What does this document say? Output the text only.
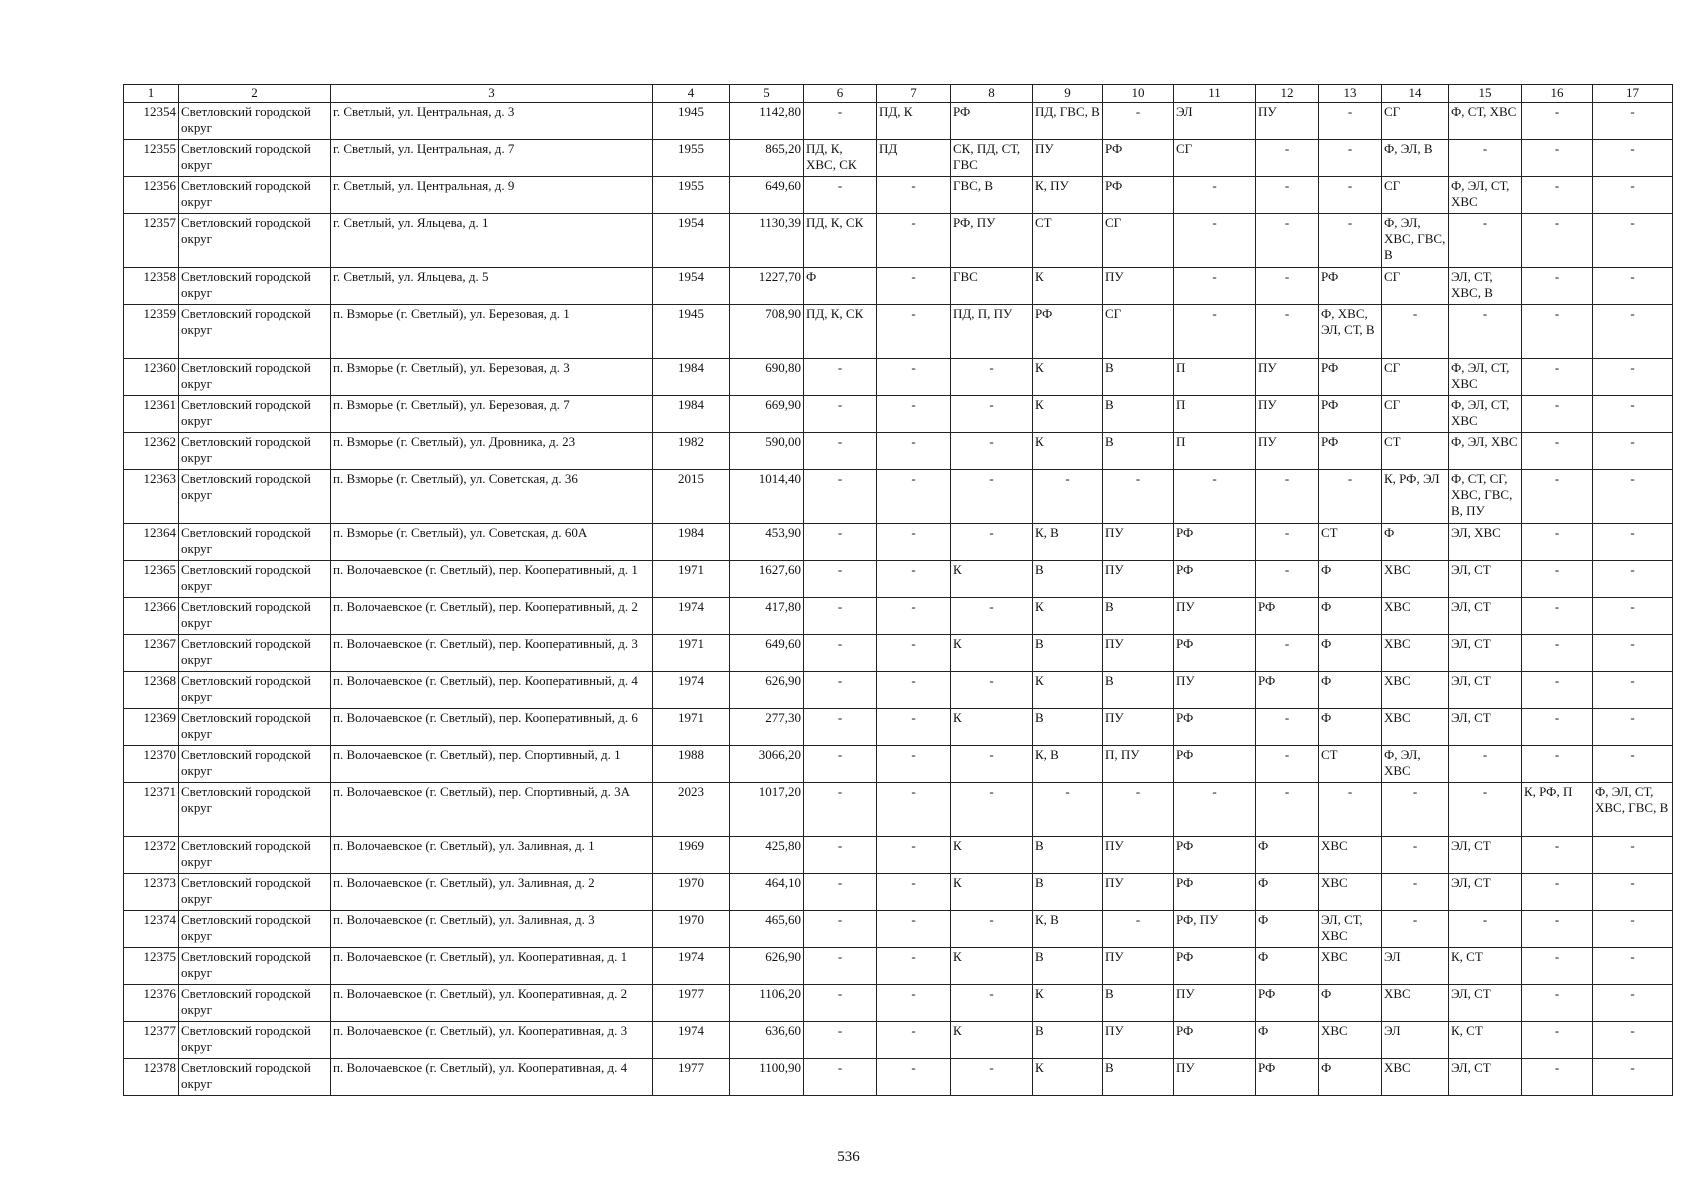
1	2	3	4	5	6	7	8	9	10	11	12	13	14	15	16	17
12354	Светловский городской округ	г. Светлый, ул. Центральная, д. 3	1945	1142,80	-	ПД, К	РФ	ПД, ГВС, В	-	ЭЛ	ПУ	-	СГ	Ф, СТ, ХВС	-	-
12355	Светловский городской округ	г. Светлый, ул. Центральная, д. 7	1955	865,20	ПД, К, ХВС, СК	ПД	СК, ПД, СТ, ГВС	ПУ	РФ	СГ	-	-	Ф, ЭЛ, В	-	-	-
12356	Светловский городской округ	г. Светлый, ул. Центральная, д. 9	1955	649,60	-	-	ГВС, В	К, ПУ	РФ	-	-	-	СГ	Ф, ЭЛ, СТ, ХВС	-	-
12357	Светловский городской округ	г. Светлый, ул. Яльцева, д. 1	1954	1130,39	ПД, К, СК	-	РФ, ПУ	СТ	СГ	-	-	-	Ф, ЭЛ, ХВС, ГВС, В	-	-	-
12358	Светловский городской округ	г. Светлый, ул. Яльцева, д. 5	1954	1227,70	Ф	-	ГВС	К	ПУ	-	-	РФ	СГ	ЭЛ, СТ, ХВС, В	-	-
12359	Светловский городской округ	п. Взморье (г. Светлый), ул. Березовая, д. 1	1945	708,90	ПД, К, СК	-	ПД, П, ПУ	РФ	СГ	-	-	Ф, ХВС, ЭЛ, СТ, В	-	-	-	-
12360	Светловский городской округ	п. Взморье (г. Светлый), ул. Березовая, д. 3	1984	690,80	-	-	-	К	В	П	ПУ	РФ	СГ	Ф, ЭЛ, СТ, ХВС	-	-
12361	Светловский городской округ	п. Взморье (г. Светлый), ул. Березовая, д. 7	1984	669,90	-	-	-	К	В	П	ПУ	РФ	СГ	Ф, ЭЛ, СТ, ХВС	-	-
12362	Светловский городской округ	п. Взморье (г. Светлый), ул. Дровника, д. 23	1982	590,00	-	-	-	К	В	П	ПУ	РФ	СТ	Ф, ЭЛ, ХВС	-	-
12363	Светловский городской округ	п. Взморье (г. Светлый), ул. Советская, д. 36	2015	1014,40	-	-	-	-	-	-	-	-	К, РФ, ЭЛ	Ф, СТ, СГ, ХВС, ГВС, В, ПУ	-	-
12364	Светловский городской округ	п. Взморье (г. Светлый), ул. Советская, д. 60А	1984	453,90	-	-	-	К, В	ПУ	РФ	-	СТ	Ф	ЭЛ, ХВС	-	-
12365	Светловский городской округ	п. Волочаевское (г. Светлый), пер. Кооперативный, д. 1	1971	1627,60	-	-	К	В	ПУ	РФ	-	Ф	ХВС	ЭЛ, СТ	-	-
12366	Светловский городской округ	п. Волочаевское (г. Светлый), пер. Кооперативный, д. 2	1974	417,80	-	-	-	К	В	ПУ	РФ	Ф	ХВС	ЭЛ, СТ	-	-
12367	Светловский городской округ	п. Волочаевское (г. Светлый), пер. Кооперативный, д. 3	1971	649,60	-	-	К	В	ПУ	РФ	-	Ф	ХВС	ЭЛ, СТ	-	-
12368	Светловский городской округ	п. Волочаевское (г. Светлый), пер. Кооперативный, д. 4	1974	626,90	-	-	-	К	В	ПУ	РФ	Ф	ХВС	ЭЛ, СТ	-	-
12369	Светловский городской округ	п. Волочаевское (г. Светлый), пер. Кооперативный, д. 6	1971	277,30	-	-	К	В	ПУ	РФ	-	Ф	ХВС	ЭЛ, СТ	-	-
12370	Светловский городской округ	п. Волочаевское (г. Светлый), пер. Спортивный, д. 1	1988	3066,20	-	-	-	К, В	П, ПУ	РФ	-	СТ	Ф, ЭЛ, ХВС	-	-	-
12371	Светловский городской округ	п. Волочаевское (г. Светлый), пер. Спортивный, д. 3А	2023	1017,20	-	-	-	-	-	-	-	-	-	-	К, РФ, П	Ф, ЭЛ, СТ, ХВС, ГВС, В
12372	Светловский городской округ	п. Волочаевское (г. Светлый), ул. Заливная, д. 1	1969	425,80	-	-	К	В	ПУ	РФ	Ф	ХВС	-	ЭЛ, СТ	-	-
12373	Светловский городской округ	п. Волочаевское (г. Светлый), ул. Заливная, д. 2	1970	464,10	-	-	К	В	ПУ	РФ	Ф	ХВС	-	ЭЛ, СТ	-	-
12374	Светловский городской округ	п. Волочаевское (г. Светлый), ул. Заливная, д. 3	1970	465,60	-	-	-	К, В	-	РФ, ПУ	Ф	ЭЛ, СТ, ХВС	-	-	-	-
12375	Светловский городской округ	п. Волочаевское (г. Светлый), ул. Кооперативная, д. 1	1974	626,90	-	-	К	В	ПУ	РФ	Ф	ХВС	ЭЛ	К, СТ	-	-
12376	Светловский городской округ	п. Волочаевское (г. Светлый), ул. Кооперативная, д. 2	1977	1106,20	-	-	-	К	В	ПУ	РФ	Ф	ХВС	ЭЛ, СТ	-	-
12377	Светловский городской округ	п. Волочаевское (г. Светлый), ул. Кооперативная, д. 3	1974	636,60	-	-	К	В	ПУ	РФ	Ф	ХВС	ЭЛ	К, СТ	-	-
12378	Светловский городской округ	п. Волочаевское (г. Светлый), ул. Кооперативная, д. 4	1977	1100,90	-	-	-	К	В	ПУ	РФ	Ф	ХВС	ЭЛ, СТ	-	-
536
